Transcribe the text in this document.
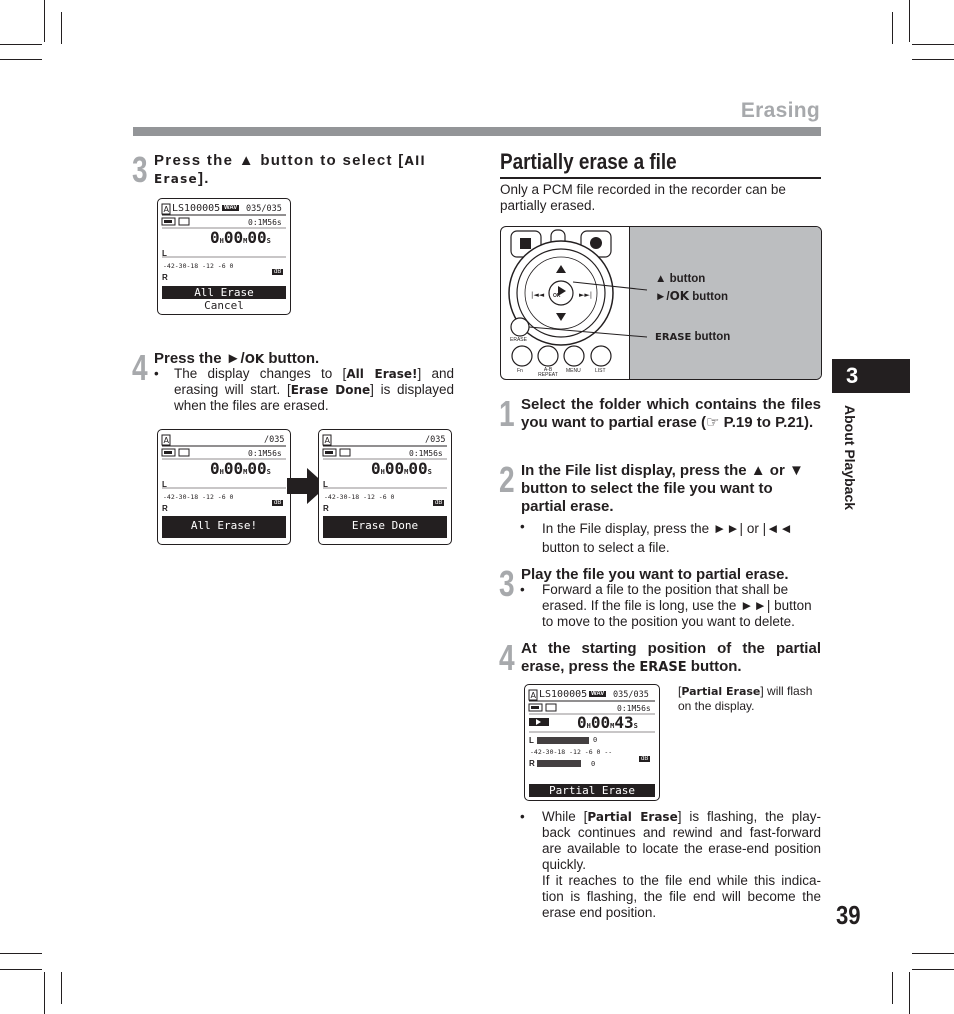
Erasing
3 Press the ▲ button to select [All Erase].
A LS100005 WAV 035/035
0:1M56s
0H00M00S
L
-42-30-18 -12 -6 0
dB
R
All Erase
Cancel
4 Press the ►/OK button.
• The display changes to [All Erase!] and erasing will start. [Erase Done] is displayed when the files are erased.
A	/035
0:1M56s
0H00M00S
L
-42-30-18 -12 -6 0
dB
R
All Erase!
A	/035
0:1M56s
0H00M00S
L
-42-30-18 -12 -6 0
dB
R
Erase Done
Partially erase a file
Only a PCM file recorded in the recorder can be partially erased.
|◄◄	►►|
OK
ERASE
Fn	A-B REPEAT
MENU	LIST
▲ button
►/OK button
ERASE button
1 Select the folder which contains the files you want to partial erase (☞ P.19 to P.21).
2 In the File list display, press the ▲ or ▼ button to select the file you want to partial erase.
• In the File display, press the ►►| or |◄◄ button to select a file.
3 Play the file you want to partial erase.
• Forward a file to the position that shall be erased. If the file is long, use the ►►| button to move to the position you want to delete.
4 At the starting position of the partial erase, press the ERASE button.
A LS100005 WAV 035/035
0:1M56s
0H00M43S
L	0
-42-30-18 -12 -6 0 --
dB
R	0
Partial Erase
[Partial Erase] will flash on the display.
• While [Partial Erase] is flashing, the play-back continues and rewind and fast-forward are available to locate the erase-end position quickly.
If it reaches to the file end while this indica-tion is flashing, the file end will become the erase end position.
3
About Playback
39
